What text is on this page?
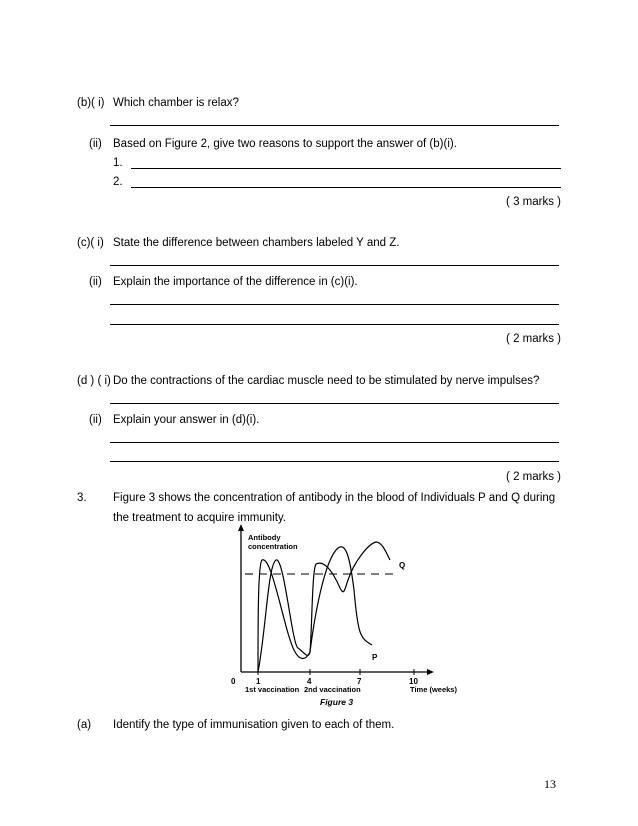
(b)( i) Which chamber is relax?
(ii) Based on Figure 2, give two reasons to support the answer of (b)(i).
1.
2.
( 3 marks )
(c)( i) State the difference between chambers labeled Y and Z.
(ii) Explain the importance of the difference in (c)(i).
( 2 marks )
(d ) ( i) Do the contractions of the cardiac muscle need to be stimulated by nerve impulses?
(ii) Explain your answer in (d)(i).
( 2 marks )
3. Figure 3 shows the concentration of antibody in the blood of Individuals P and Q during
the treatment to acquire immunity.
Antibody
concentration
Q
P
0	1	4	7	10
1st vaccination 2nd vaccination	Time (weeks)
Figure 3
(a) Identify the type of immunisation given to each of them.
13
